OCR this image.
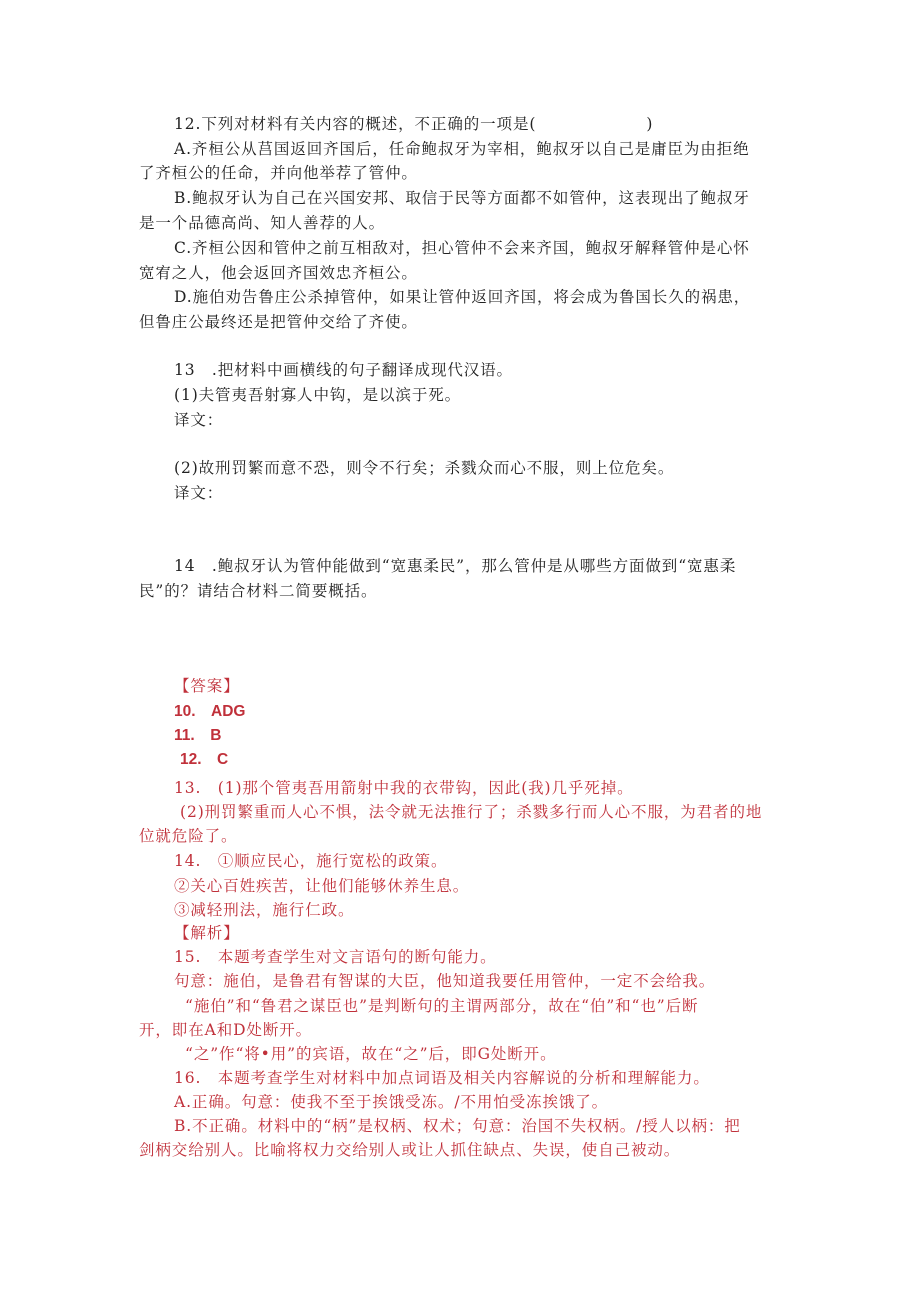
12.下列对材料有关内容的概述，不正确的一项是(	)
A.齐桓公从莒国返回齐国后，任命鲍叔牙为宰相，鲍叔牙以自己是庸臣为由拒绝
了齐桓公的任命，并向他举荐了管仲。
B.鲍叔牙认为自己在兴国安邦、取信于民等方面都不如管仲，这表现出了鲍叔牙
是一个品德高尚、知人善荐的人。
C.齐桓公因和管仲之前互相敌对，担心管仲不会来齐国，鲍叔牙解释管仲是心怀
宽宥之人，他会返回齐国效忠齐桓公。
D.施伯劝告鲁庄公杀掉管仲，如果让管仲返回齐国，将会成为鲁国长久的祸患，
但鲁庄公最终还是把管仲交给了齐使。
13　.把材料中画横线的句子翻译成现代汉语。
(1)夫管夷吾射寡人中钩，是以滨于死。
译文：
(2)故刑罚繁而意不恐，则令不行矣；杀戮众而心不服，则上位危矣。
译文：
14　.鲍叔牙认为管仲能做到“宽惠柔民”，那么管仲是从哪些方面做到“宽惠柔
民”的？请结合材料二简要概括。
【答案】
10.　ADG
11.　B
12.　C
13.　(1)那个管夷吾用箭射中我的衣带钩，因此(我)几乎死掉。
(2)刑罚繁重而人心不惧，法令就无法推行了；杀戮多行而人心不服，为君者的地
位就危险了。
14.　①顺应民心，施行宽松的政策。
②关心百姓疾苦，让他们能够休养生息。
③减轻刑法，施行仁政。
【解析】
15.　本题考查学生对文言语句的断句能力。
句意：施伯，是鲁君有智谋的大臣，他知道我要任用管仲，一定不会给我。
“施伯”和“鲁君之谋臣也”是判断句的主谓两部分，故在“伯”和“也”后断
开，即在A和D处断开。
“之”作“将•用”的宾语，故在“之”后，即G处断开。
16.　本题考查学生对材料中加点词语及相关内容解说的分析和理解能力。
A.正确。句意：使我不至于挨饿受冻。/不用怕受冻挨饿了。
B.不正确。材料中的“柄”是权柄、权术；句意：治国不失权柄。/授人以柄：把
剑柄交给别人。比喻将权力交给别人或让人抓住缺点、失误，使自己被动。
